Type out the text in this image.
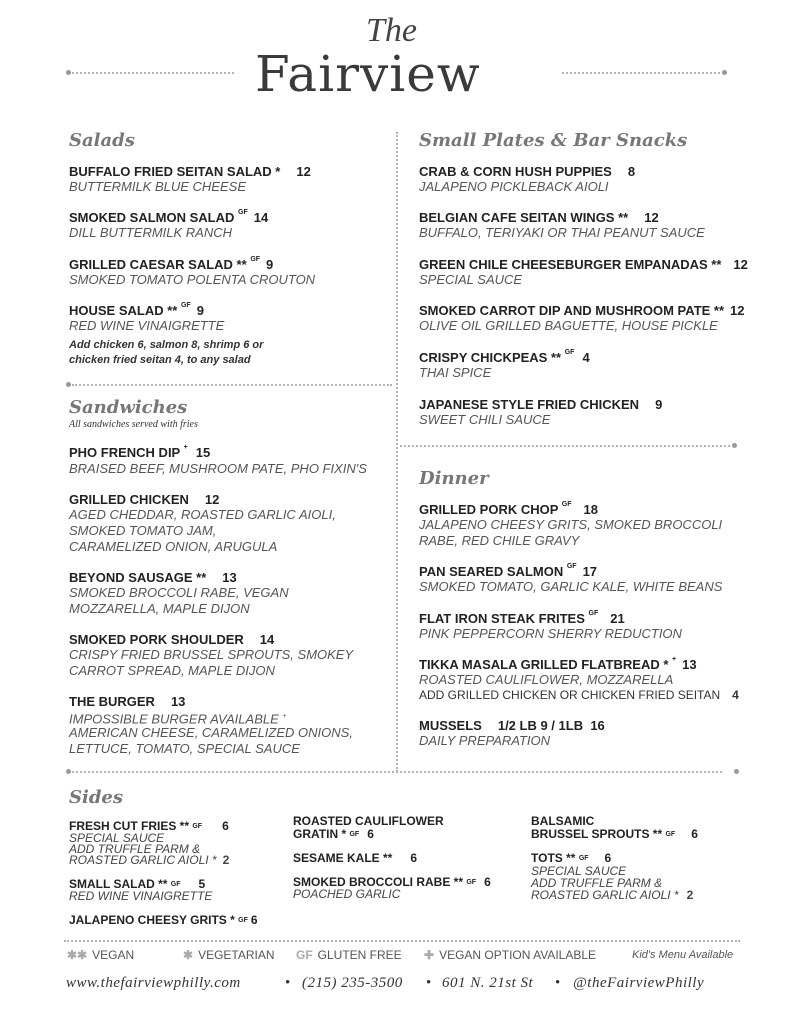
The
Fairview
Salads
BUFFALO FRIED SEITAN SALAD * 12
BUTTERMILK BLUE CHEESE
SMOKED SALMON SALAD $^{GF}$ 14
DILL BUTTERMILK RANCH
GRILLED CAESAR SALAD ** $^{GF}$ 9
SMOKED TOMATO POLENTA CROUTON
HOUSE SALAD ** $^{GF}$ 9
RED WINE VINAIGRETTE
Add chicken 6, salmon 8, shrimp 6 or
chicken fried seitan 4, to any salad
Sandwiches
All sandwiches served with fries
PHO FRENCH DIP + 15
BRAISED BEEF, MUSHROOM PATE, PHO FIXIN'S
GRILLED CHICKEN 12
AGED CHEDDAR, ROASTED GARLIC AIOLI,
SMOKED TOMATO JAM,
CARAMELIZED ONION, ARUGULA
BEYOND SAUSAGE ** 13
SMOKED BROCCOLI RABE, VEGAN
MOZZARELLA, MAPLE DIJON
SMOKED PORK SHOULDER 14
CRISPY FRIED BRUSSEL SPROUTS, SMOKEY
CARROT SPREAD, MAPLE DIJON
THE BURGER 13
IMPOSSIBLE BURGER AVAILABLE +
AMERICAN CHEESE, CARAMELIZED ONIONS,
LETTUCE, TOMATO, SPECIAL SAUCE
Small Plates & Bar Snacks
CRAB & CORN HUSH PUPPIES 8
JALAPENO PICKLEBACK AIOLI
BELGIAN CAFE SEITAN WINGS ** 12
BUFFALO, TERIYAKI OR THAI PEANUT SAUCE
GREEN CHILE CHEESEBURGER EMPANADAS ** 12
SPECIAL SAUCE
SMOKED CARROT DIP AND MUSHROOM PATE ** 12
OLIVE OIL GRILLED BAGUETTE, HOUSE PICKLE
CRISPY CHICKPEAS ** $^{GF}$ 4
THAI SPICE
JAPANESE STYLE FRIED CHICKEN 9
SWEET CHILI SAUCE
Dinner
GRILLED PORK CHOP $^{GF}$ 18
JALAPENO CHEESY GRITS, SMOKED BROCCOLI
RABE, RED CHILE GRAVY
PAN SEARED SALMON $^{GF}$ 17
SMOKED TOMATO, GARLIC KALE, WHITE BEANS
FLAT IRON STEAK FRITES $^{GF}$ 21
PINK PEPPERCORN SHERRY REDUCTION
TIKKA MASALA GRILLED FLATBREAD * + 13
ROASTED CAULIFLOWER, MOZZARELLA
ADD GRILLED CHICKEN OR CHICKEN FRIED SEITAN 4
MUSSELS 1/2 LB 9 / 1LB  16
DAILY PREPARATION
Sides
FRESH CUT FRIES ** $^{GF}$ 6
SPECIAL SAUCE
ADD TRUFFLE PARM &
ROASTED GARLIC AIOLI * 2
SMALL SALAD ** $^{GF}$ 5
RED WINE VINAIGRETTE
JALAPENO CHEESY GRITS * $^{GF}$ 6
ROASTED CAULIFLOWER
GRATIN * $^{GF}$ 6
SESAME KALE ** 6
SMOKED BROCCOLI RABE ** $^{GF}$ 6
POACHED GARLIC
BALSAMIC
BRUSSEL SPROUTS ** $^{GF}$ 6
TOTS ** $^{GF}$ 6
SPECIAL SAUCE
ADD TRUFFLE PARM &
ROASTED GARLIC AIOLI * 2
✱✱ VEGAN	✱ VEGETARIAN GF GLUTEN FREE ✚ VEGAN OPTION AVAILABLE	Kid's Menu Available
www.thefairviewphilly.com	• (215) 235-3500 • 601 N. 21st St • @theFairviewPhilly
